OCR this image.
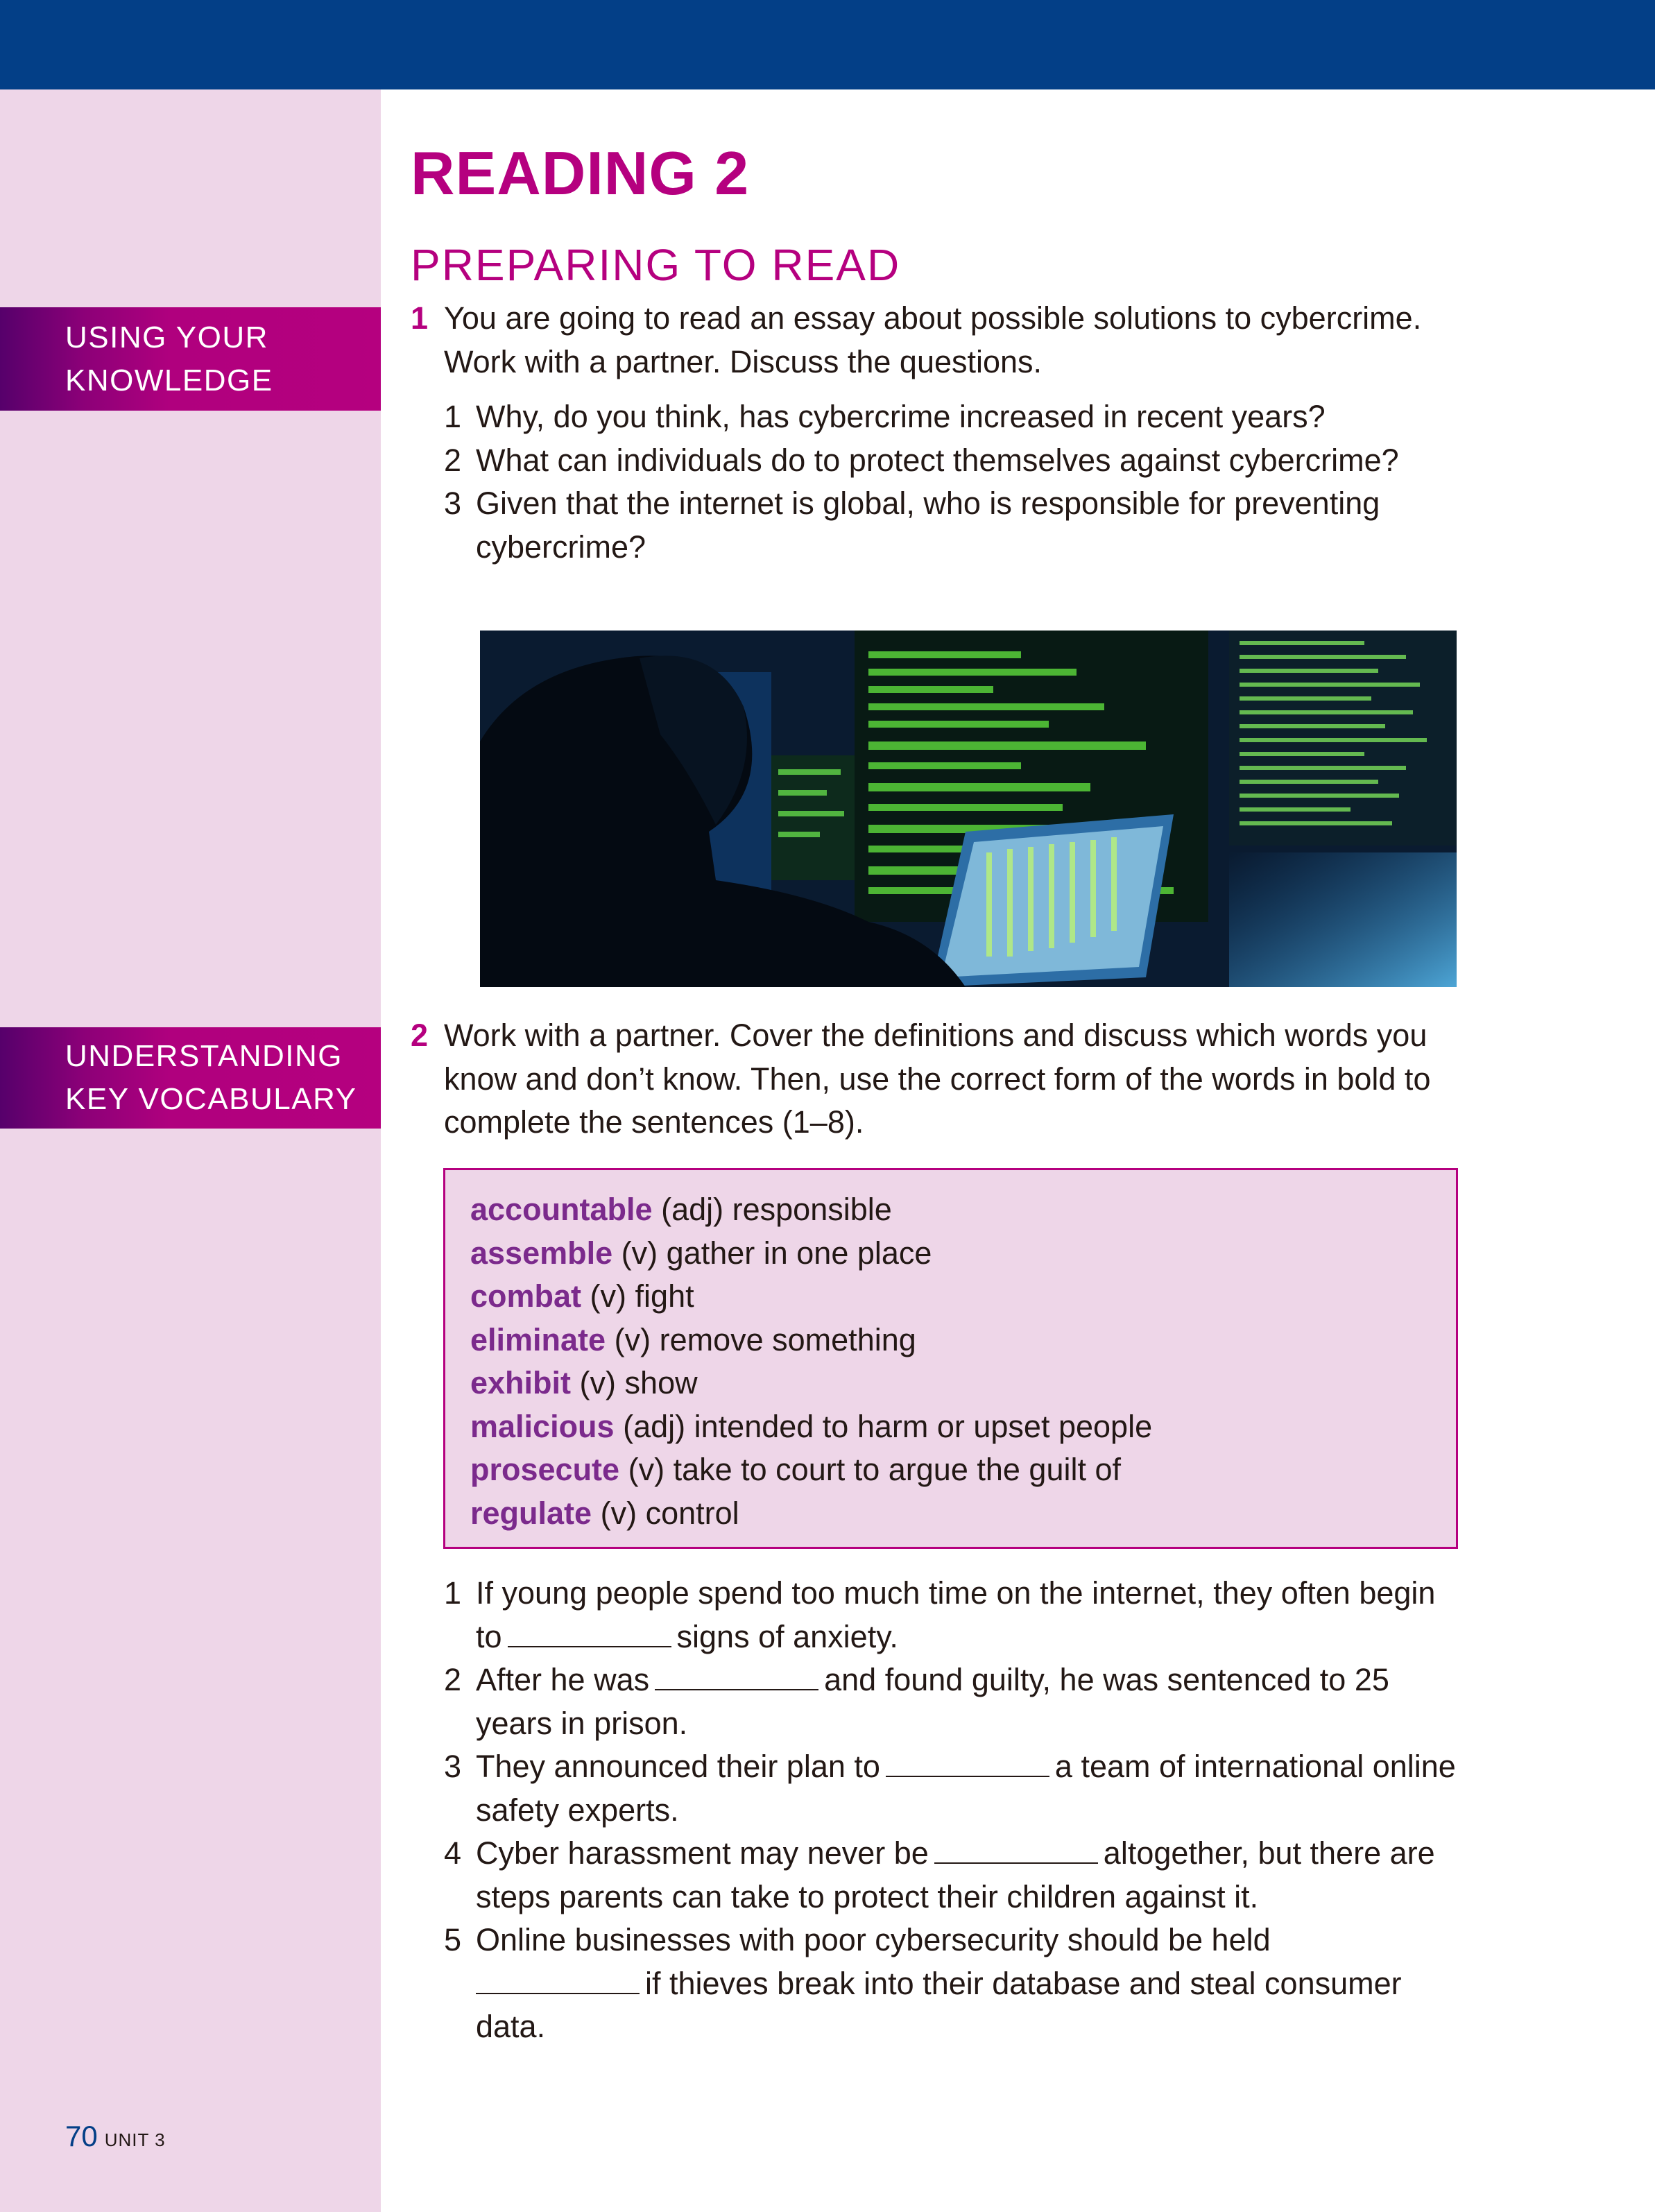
USING YOUR
KNOWLEDGE
UNDERSTANDING
KEY VOCABULARY
READING 2
PREPARING TO READ
1 You are going to read an essay about possible solutions to cybercrime. Work with a partner. Discuss the questions.
1 Why, do you think, has cybercrime increased in recent years?
2 What can individuals do to protect themselves against cybercrime?
3 Given that the internet is global, who is responsible for preventing cybercrime?
2 Work with a partner. Cover the definitions and discuss which words you know and don’t know. Then, use the correct form of the words in bold to complete the sentences (1–8).
accountable (adj) responsible
assemble (v) gather in one place
combat (v) fight
eliminate (v) remove something
exhibit (v) show
malicious (adj) intended to harm or upset people
prosecute (v) take to court to argue the guilt of
regulate (v) control
1 If young people spend too much time on the internet, they often begin to	signs of anxiety.
2 After he was	and found guilty, he was sentenced to 25 years in prison.
3 They announced their plan to	a team of international online safety experts.
4 Cyber harassment may never be	altogether, but there are steps parents can take to protect their children against it.
5 Online businesses with poor cybersecurity should be held
if thieves break into their database and steal consumer data.
70 UNIT 3
